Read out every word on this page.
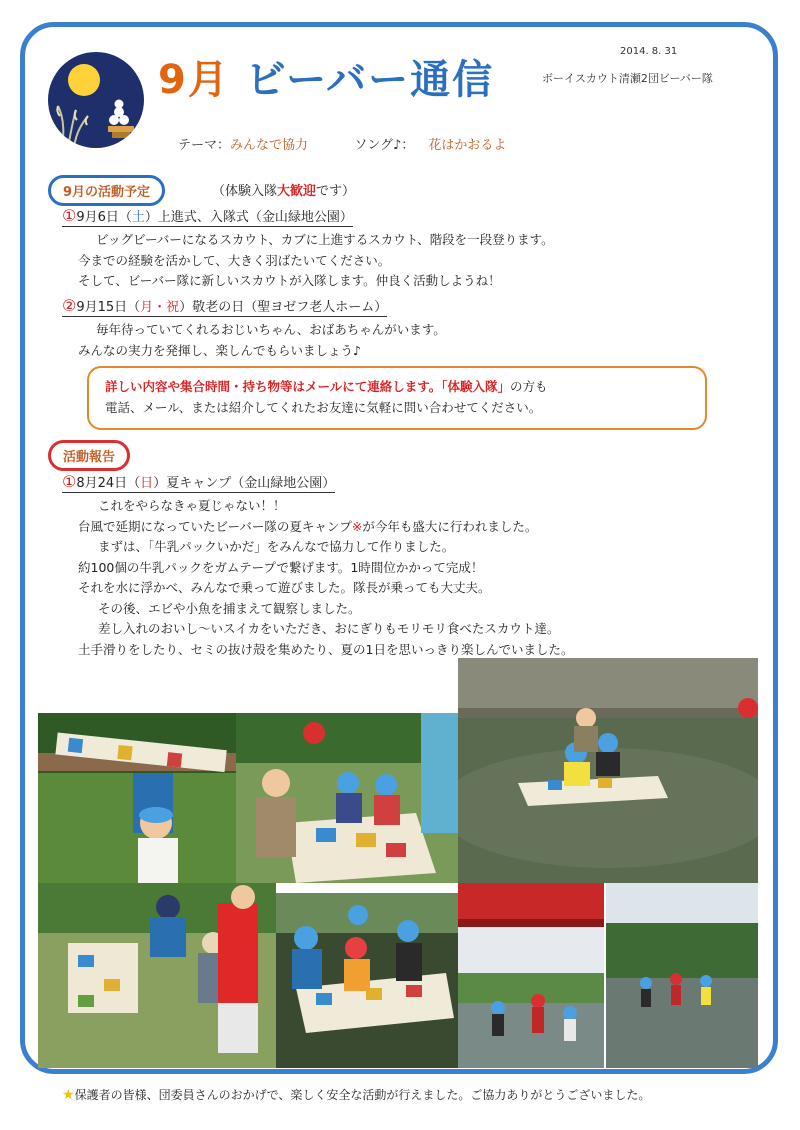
9月 ビーバー通信
2014. 8. 31
ボーイスカウト清瀬2団ビーバー隊
テーマ：みんなで協力	ソング♪： 花はかおるよ
9月の活動予定	（体験入隊大歓迎です）
①9月6日（土）上進式、入隊式（金山緑地公園）
ビッグビーバーになるスカウト、カブに上進するスカウト、階段を一段登ります。
今までの経験を活かして、大きく羽ばたいてください。
そして、ビーバー隊に新しいスカウトが入隊します。仲良く活動しようね！
②9月15日（月・祝）敬老の日（聖ヨゼフ老人ホーム）
毎年待っていてくれるおじいちゃん、おばあちゃんがいます。
みんなの実力を発揮し、楽しんでもらいましょう♪
詳しい内容や集合時間・持ち物等はメールにて連絡します。「体験入隊」の方も
電話、メール、または紹介してくれたお友達に気軽に問い合わせてください。
活動報告
①8月24日（日）夏キャンプ（金山緑地公園）
これをやらなきゃ夏じゃない！！
台風で延期になっていたビーバー隊の夏キャンプ※が今年も盛大に行われました。
まずは、「牛乳パックいかだ」をみんなで協力して作りました。
約100個の牛乳パックをガムテープで繋げます。1時間位かかって完成！
それを水に浮かべ、みんなで乗って遊びました。隊長が乗っても大丈夫。
その後、エビや小魚を捕まえて観察しました。
差し入れのおいし～いスイカをいただき、おにぎりもモリモリ食べたスカウト達。
土手滑りをしたり、セミの抜け殻を集めたり、夏の1日を思いっきり楽しんでいました。
★保護者の皆様、団委員さんのおかげで、楽しく安全な活動が行えました。ご協力ありがとうございました。
